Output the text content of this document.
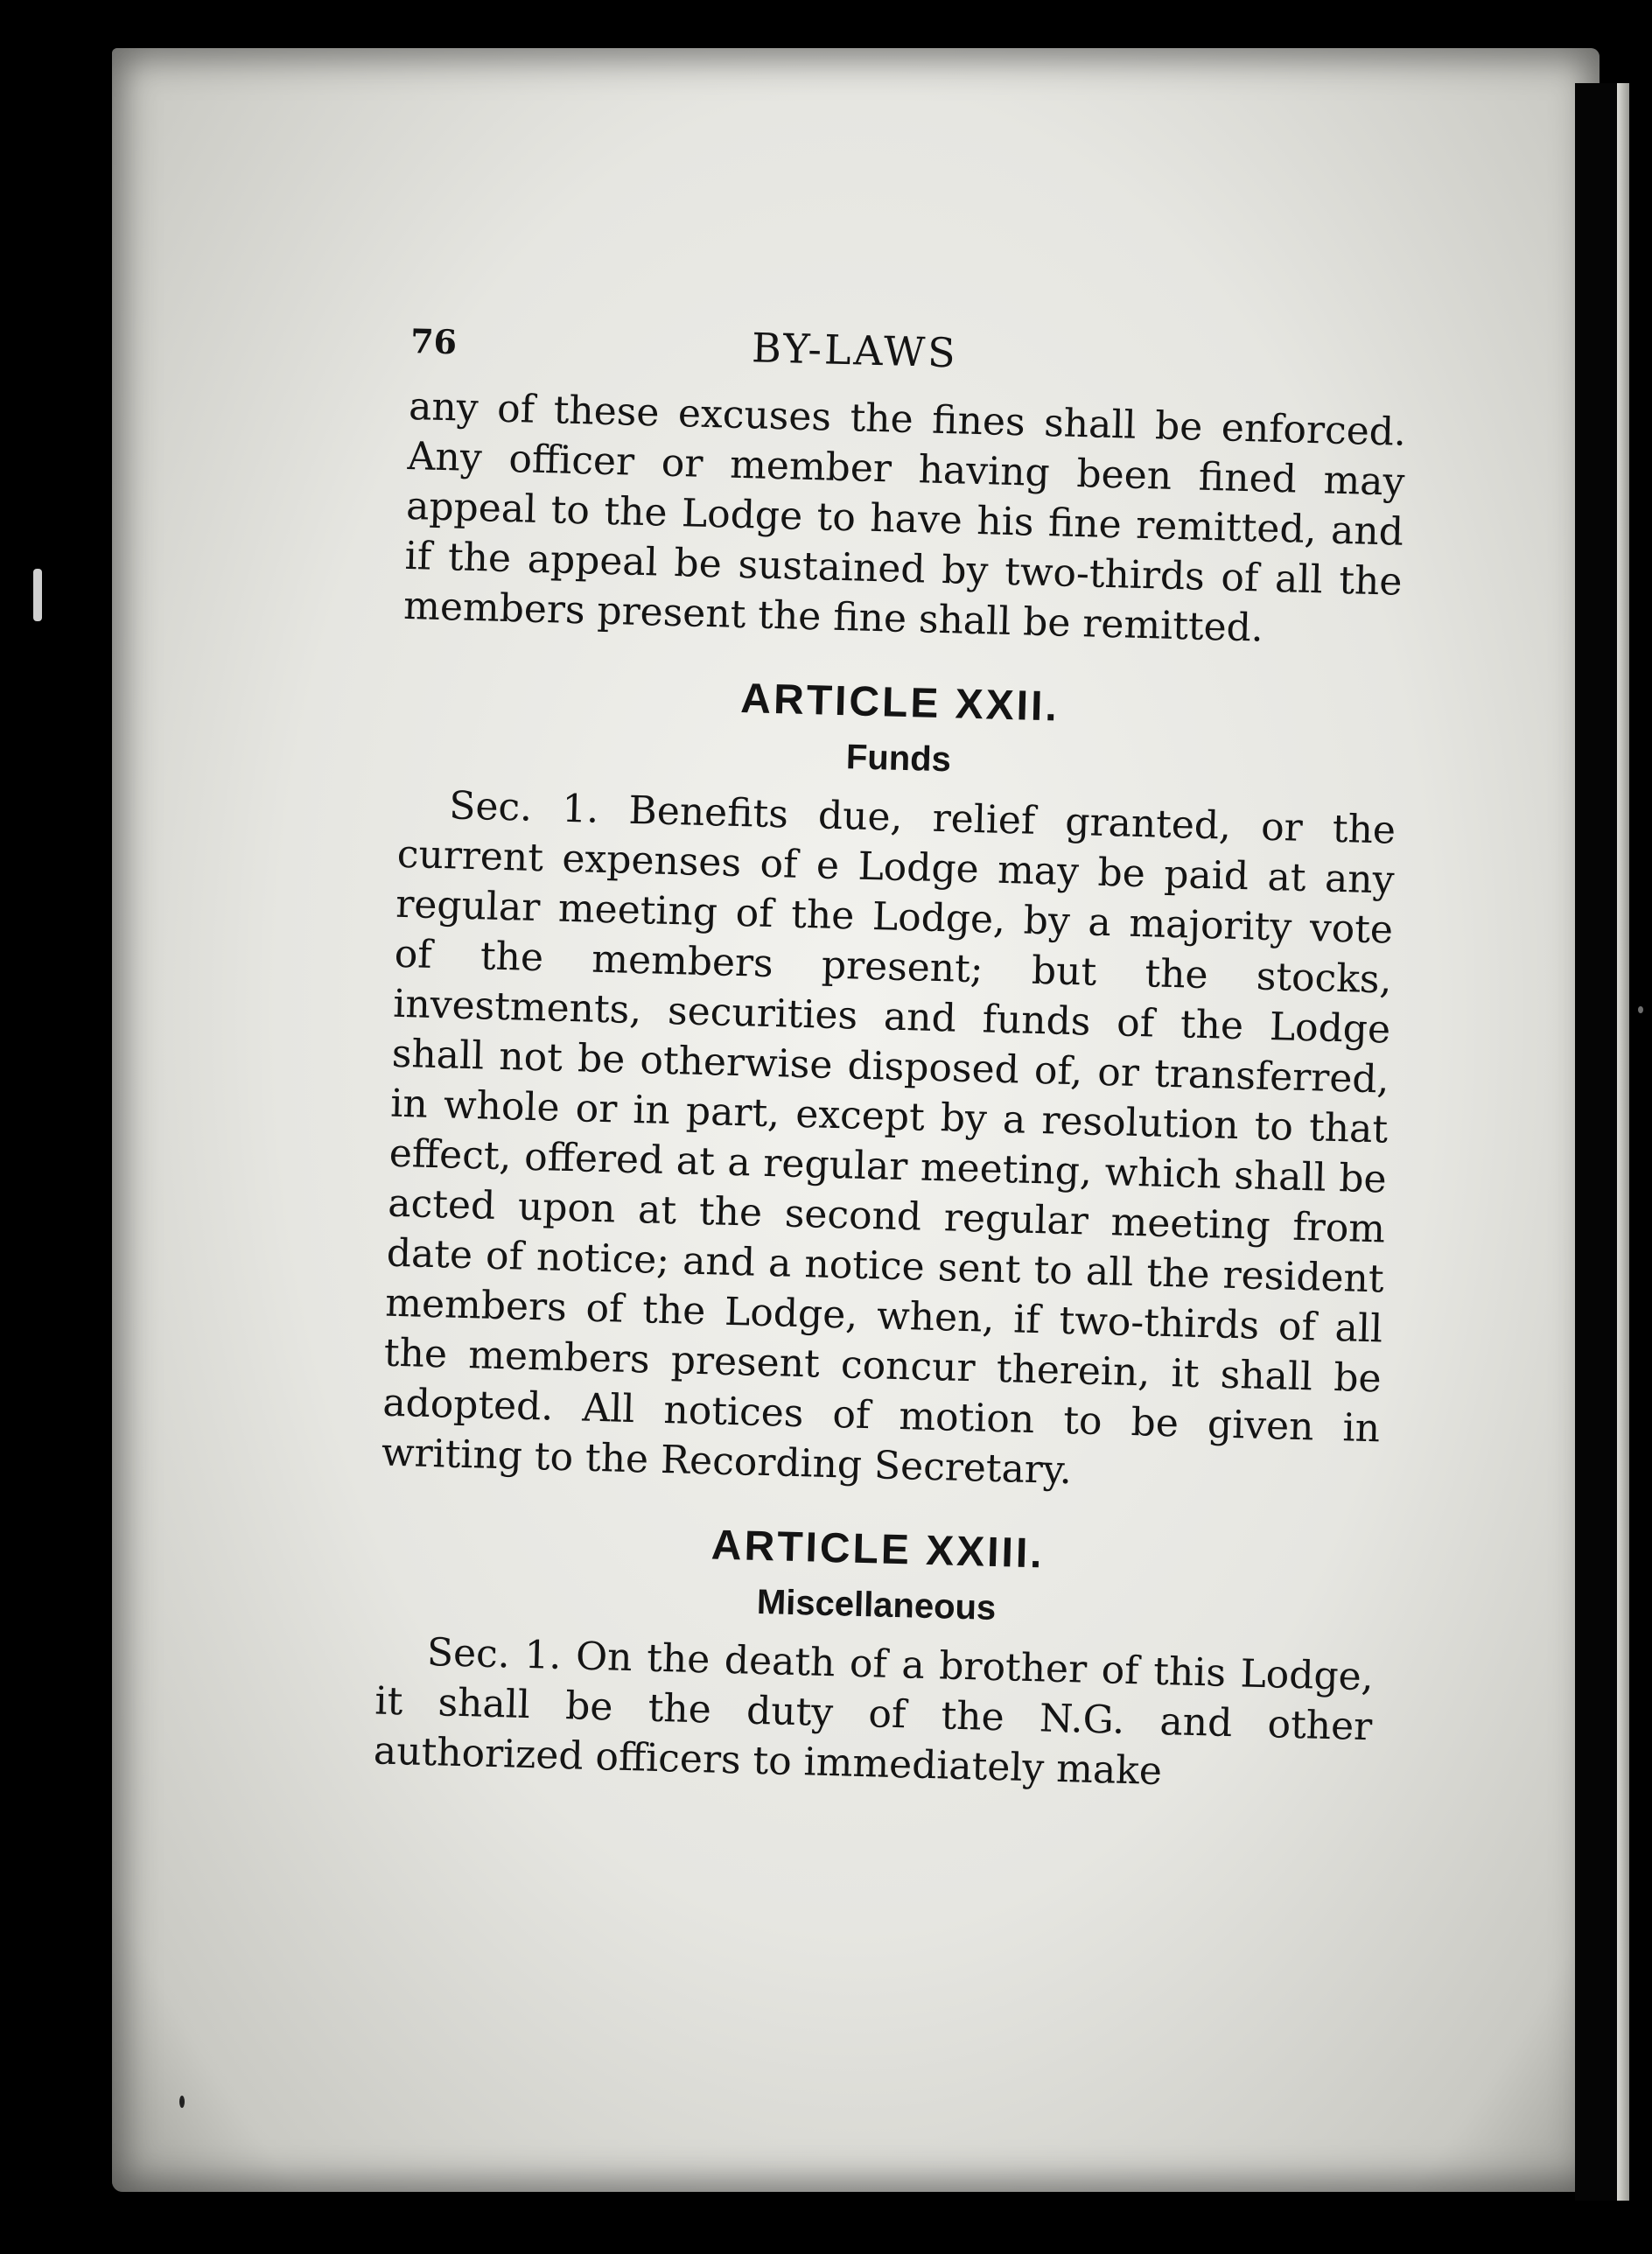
76	BY-LAWS

any of these excuses the fines shall be enforced. Any officer or member having been fined may appeal to the Lodge to have his fine remitted, and if the appeal be sustained by two-thirds of all the members present the fine shall be remitted.

ARTICLE XXII.
Funds

Sec. 1. Benefits due, relief granted, or the current expenses of e Lodge may be paid at any regular meeting of the Lodge, by a majority vote of the members present; but the stocks, investments, securities and funds of the Lodge shall not be otherwise disposed of, or transferred, in whole or in part, except by a resolution to that effect, offered at a regular meeting, which shall be acted upon at the second regular meeting from date of notice; and a notice sent to all the resident members of the Lodge, when, if two-thirds of all the members present concur therein, it shall be adopted. All notices of motion to be given in writing to the Recording Secretary.

ARTICLE XXIII.
Miscellaneous

Sec. 1. On the death of a brother of this Lodge, it shall be the duty of the N.G. and other authorized officers to immediately make
